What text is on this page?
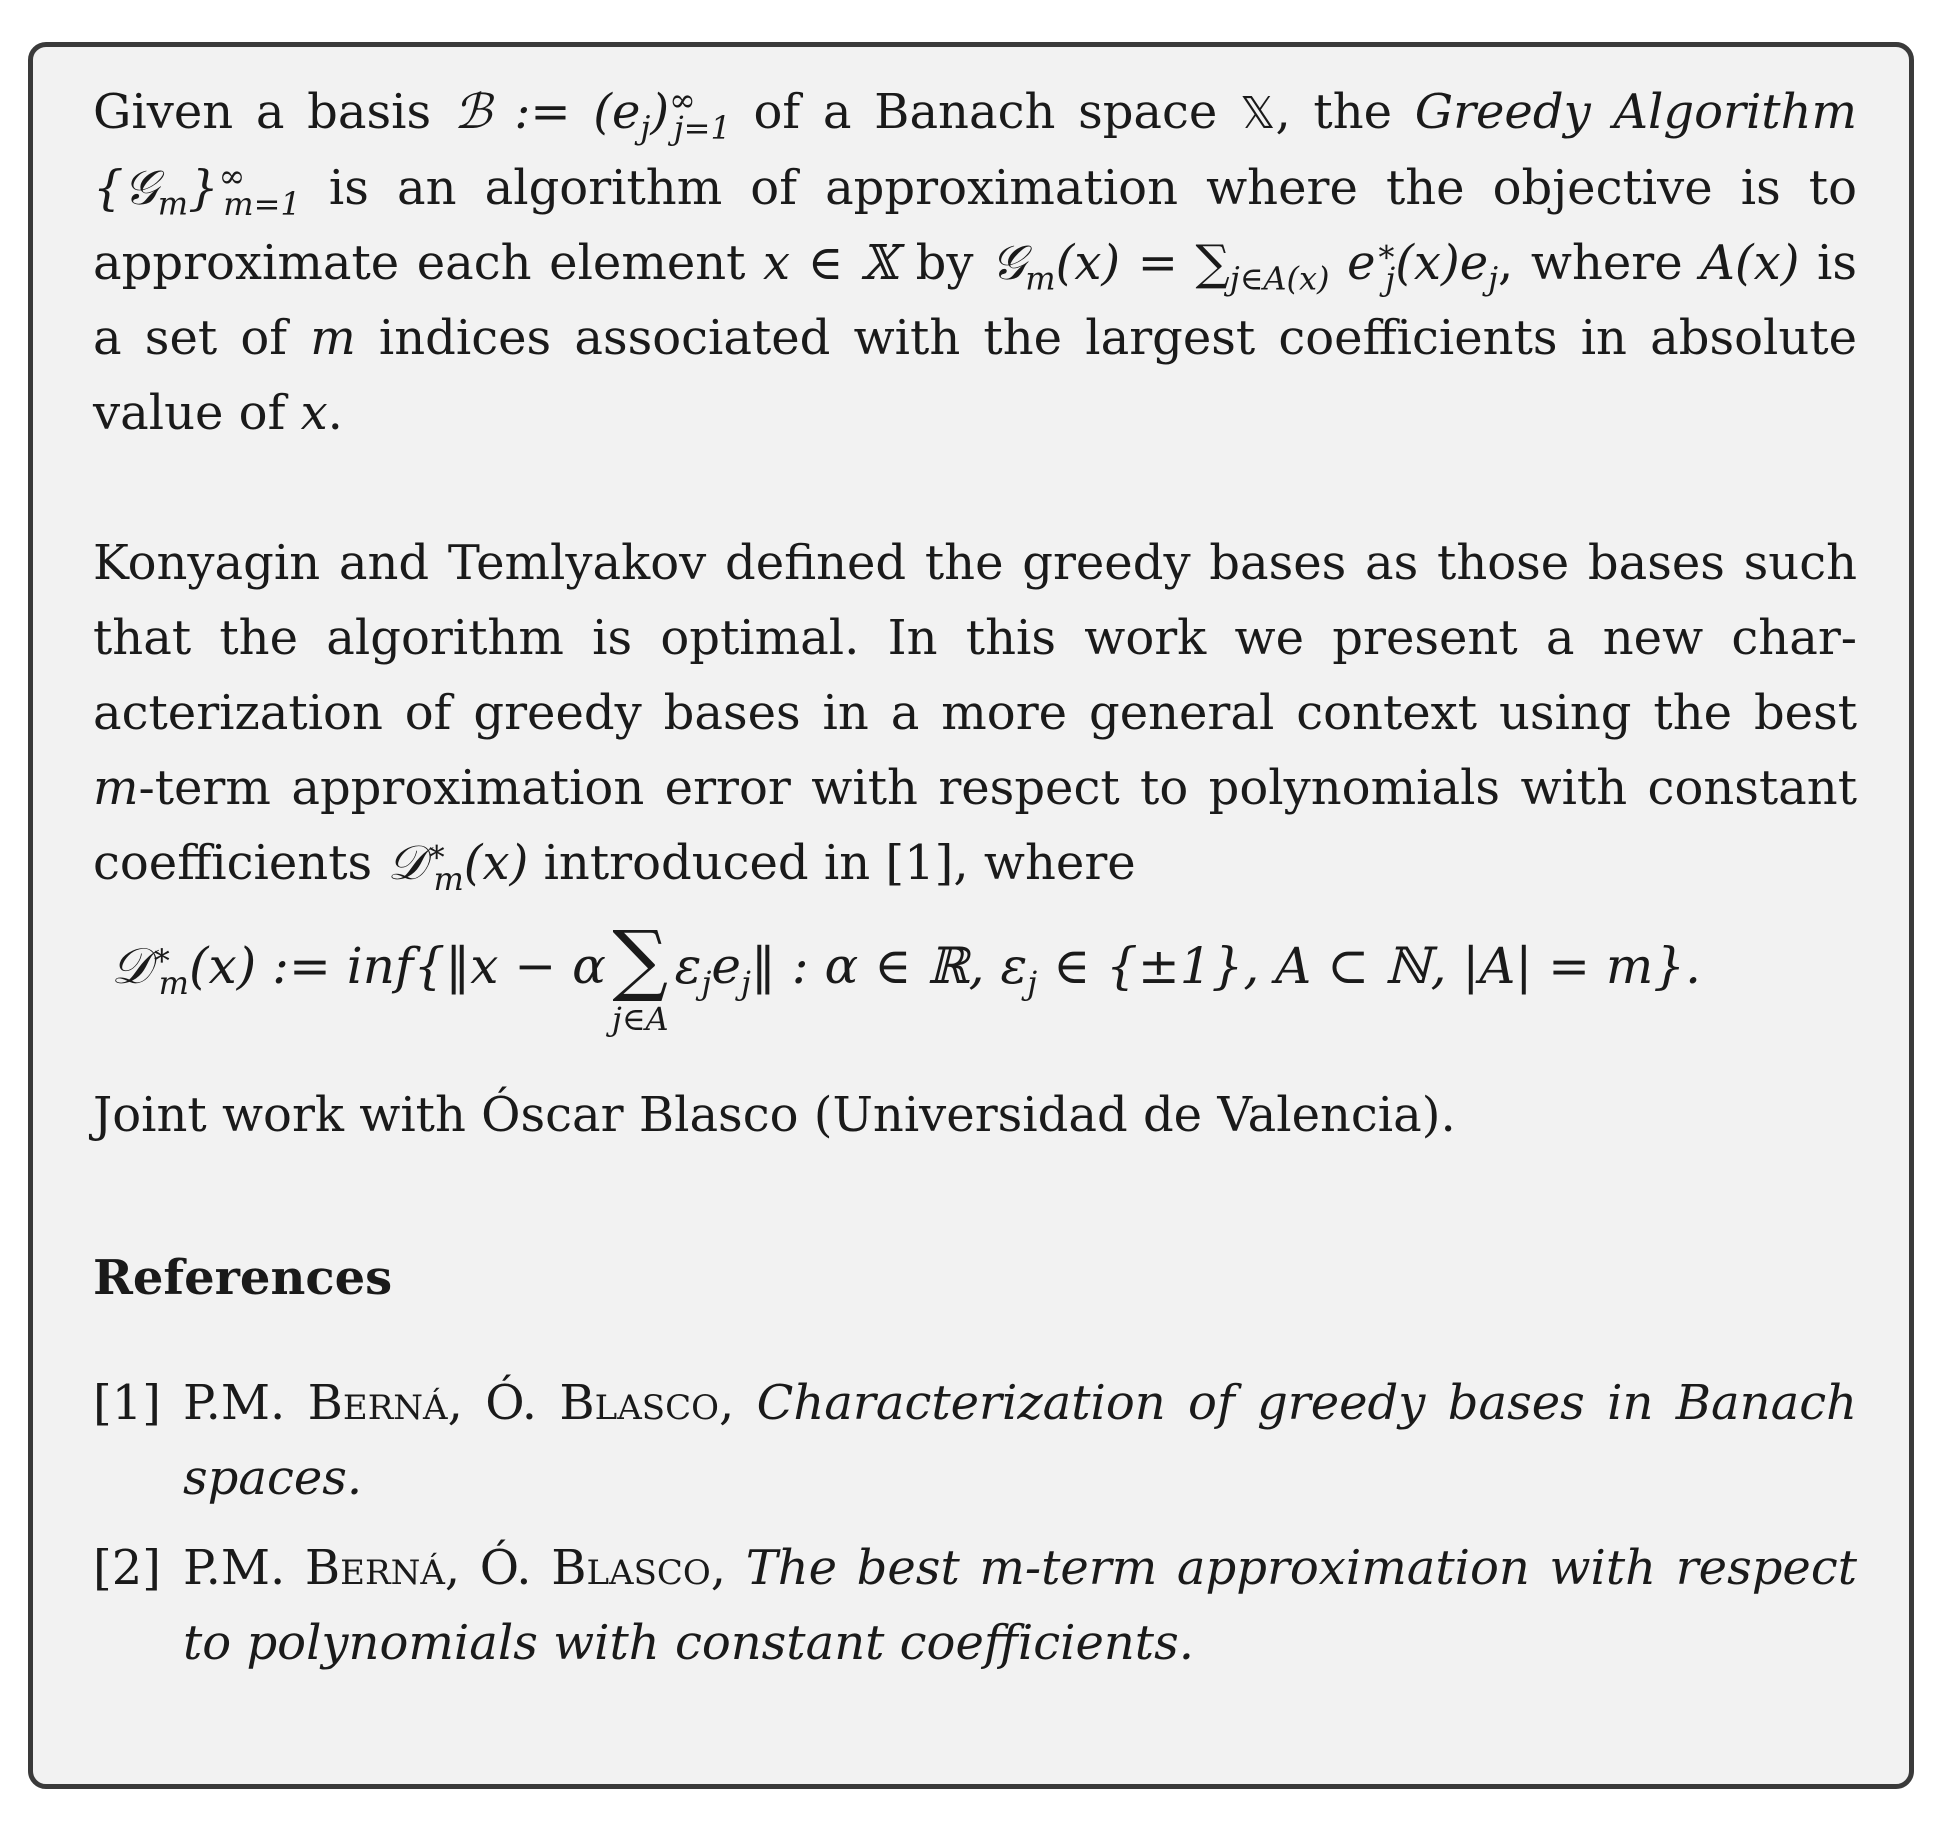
Given a basis ℬ := $(e_j)^\infty_{j=1}$ of a Banach space 𝕏, the Greedy Algorithm $\{𝒢_m\}^\infty_{m=1}$ is an algorithm of approximation where the objective is to approximate each element x ∈ 𝕏 by 𝒢$_m$(x) = $\sum_{j\in A(x)}$ $e^∗_j(x)e_j$, where A(x) is a set of m indices associated with the largest coefficients in absolute value of x.

Konyagin and Temlyakov defined the greedy bases as those bases such that the algorithm is optimal. In this work we present a new characterization of greedy bases in a more general context using the best m-term approximation error with respect to polynomials with constant coefficients 𝒟∗$_m$(x) introduced in [1], where

𝒟∗$_m$(x) := inf{‖x − α ∑
j∈A
$\varepsilon_je_j‖$ : α ∈ ℝ, $\varepsilon_j$ ∈ {±1}, A ⊂ ℕ, |A| = m}.

Joint work with Óscar Blasco (Universidad de Valencia).

References
[1] P.M. Berná, Ó. Blasco, Characterization of greedy bases in Banach spaces.
[2] P.M. Berná, Ó. Blasco, The best m-term approximation with respect to polynomials with constant coefficients.
